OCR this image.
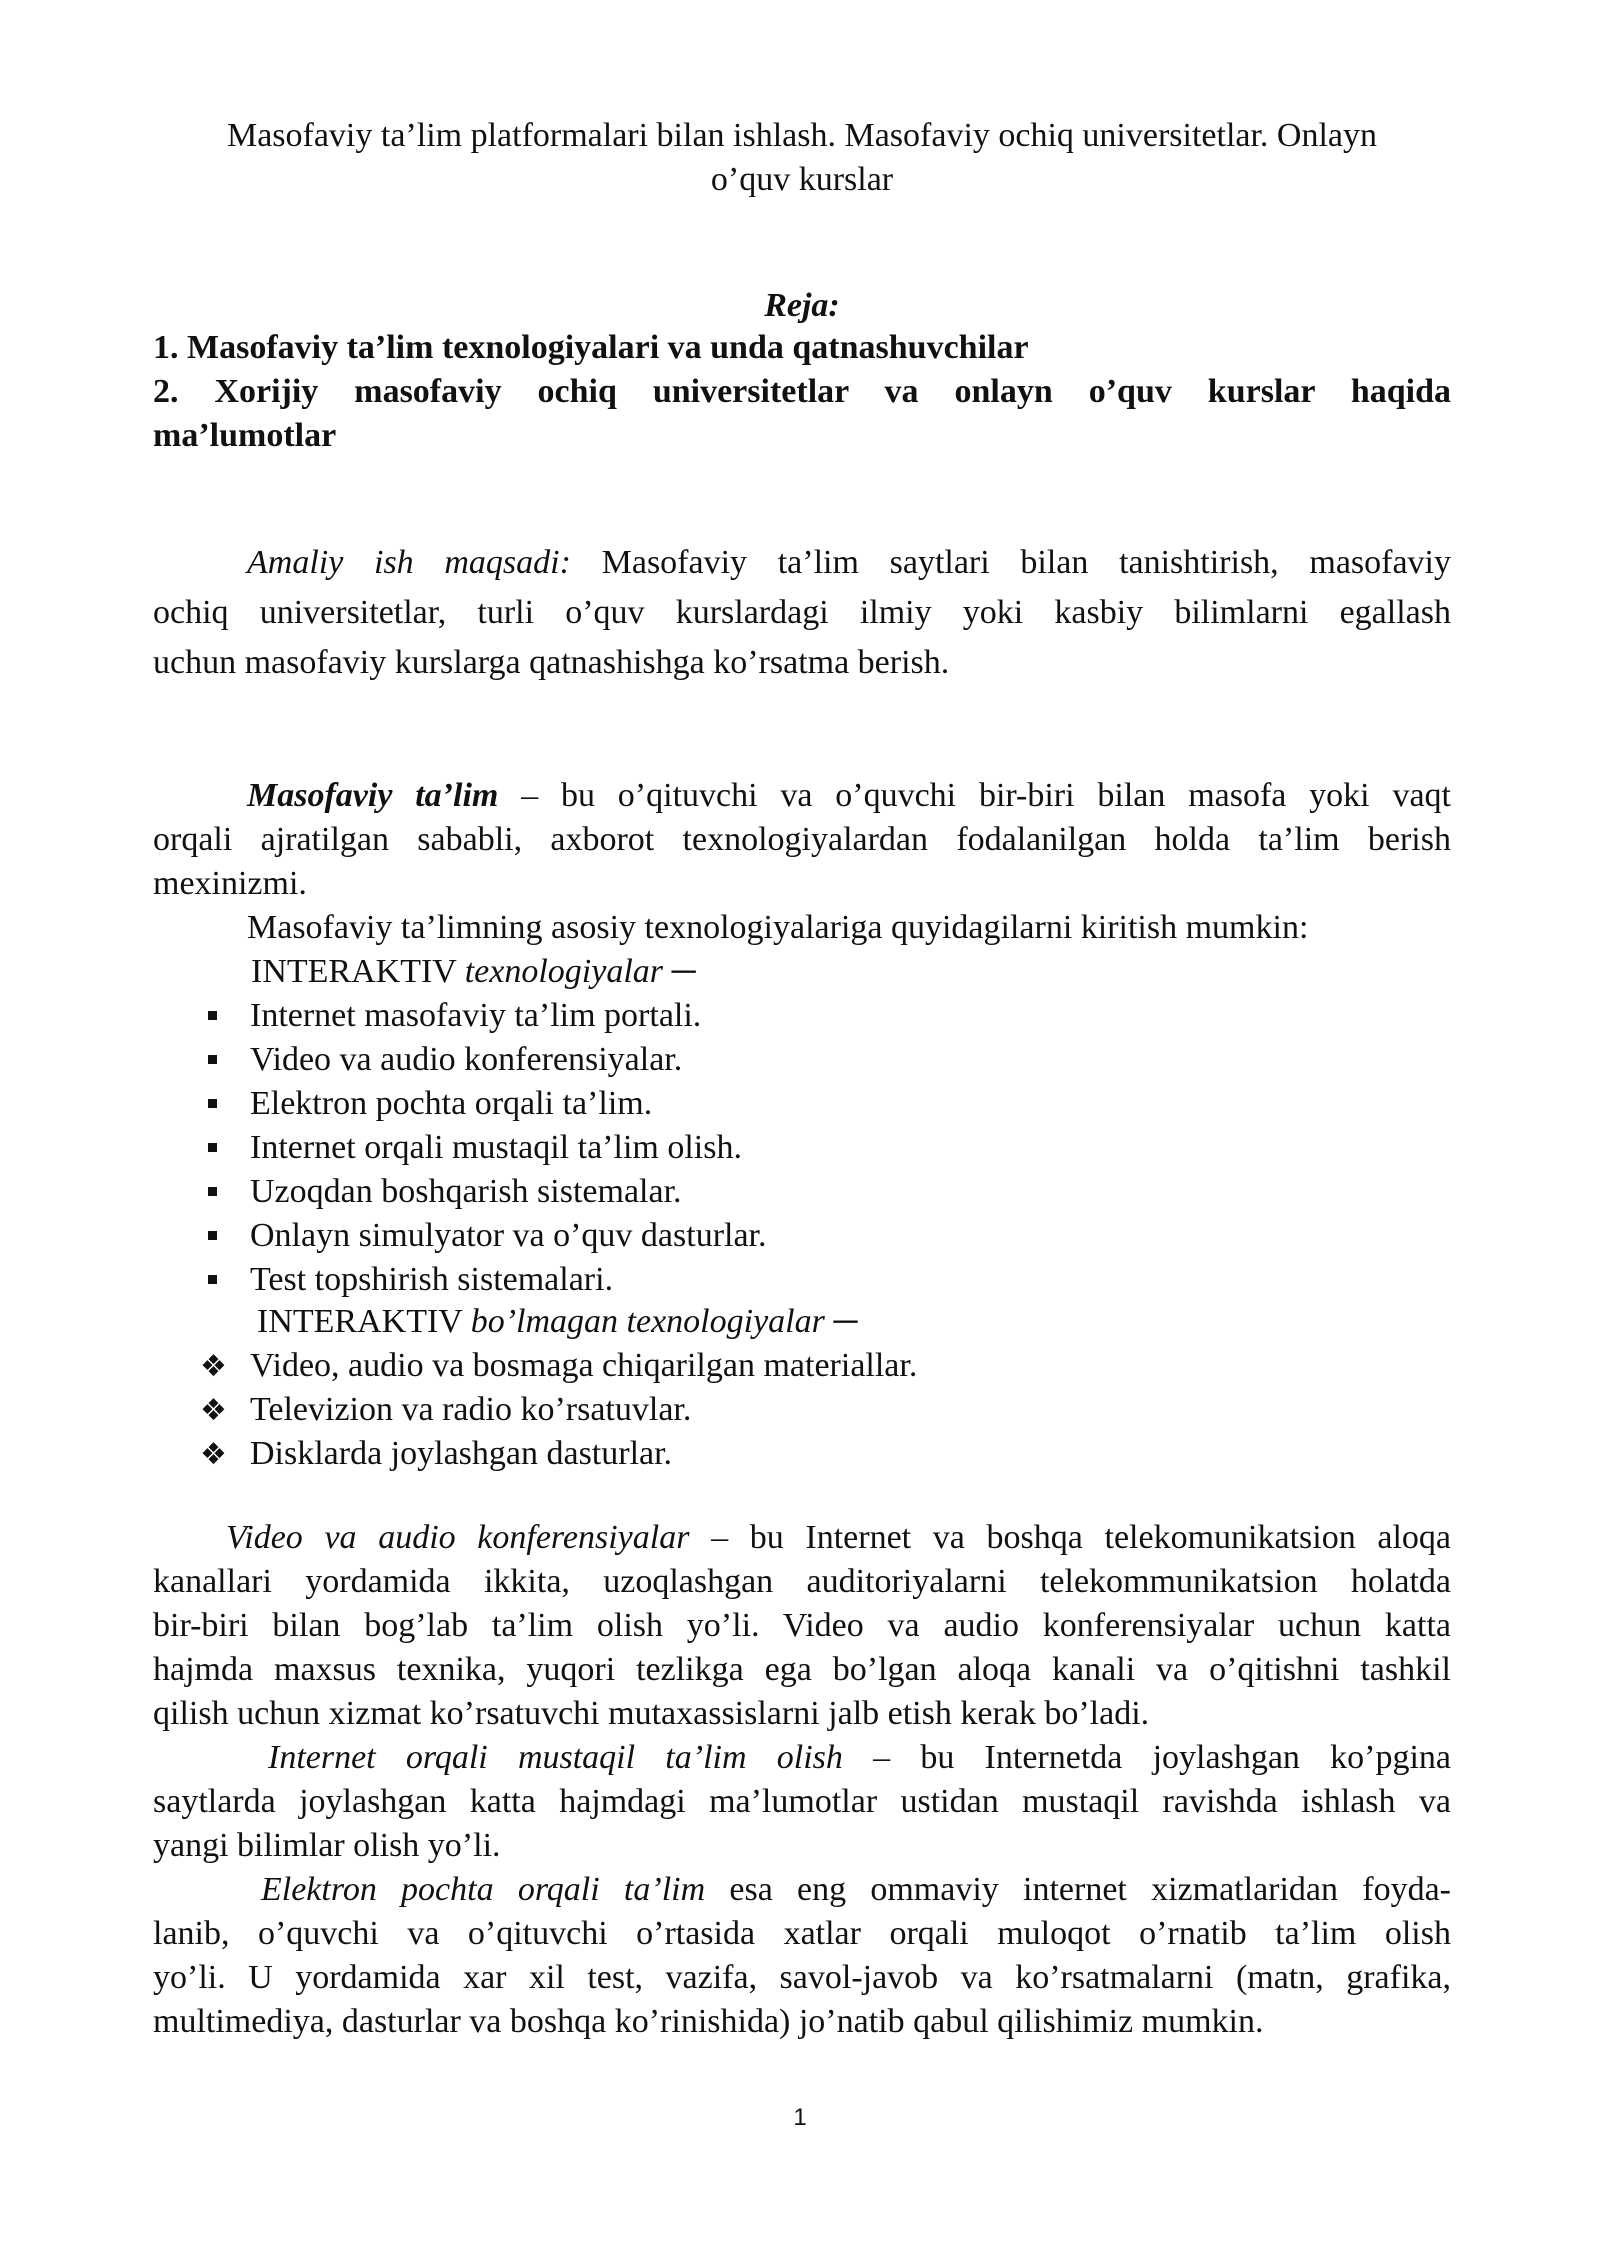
Masofaviy ta’lim platformalari bilan ishlash. Masofaviy ochiq universitetlar. Onlayn
o’quv kurslar
Reja:
1. Masofaviy ta’lim texnologiyalari va unda qatnashuvchilar
2. Xorijiy masofaviy ochiq universitetlar va onlayn o’quv kurslar haqida
ma’lumotlar
Amaliy ish maqsadi: Masofaviy ta’lim saytlari bilan tanishtirish, masofaviy
ochiq universitetlar, turli o’quv kurslardagi ilmiy yoki kasbiy bilimlarni egallash
uchun masofaviy kurslarga qatnashishga ko’rsatma berish.
Masofaviy ta’lim – bu o’qituvchi va o’quvchi bir-biri bilan masofa yoki vaqt
orqali ajratilgan sababli, axborot texnologiyalardan fodalanilgan holda ta’lim berish
mexinizmi.
Masofaviy ta’limning asosiy texnologiyalariga quyidagilarni kiritish mumkin:
INTERAKTIV texnologiyalar ─
Internet masofaviy ta’lim portali.
Video va audio konferensiyalar.
Elektron pochta orqali ta’lim.
Internet orqali mustaqil ta’lim olish.
Uzoqdan boshqarish sistemalar.
Onlayn simulyator va o’quv dasturlar.
Test topshirish sistemalari.
INTERAKTIV bo’lmagan texnologiyalar ─
❖ Video, audio va bosmaga chiqarilgan materiallar.
❖ Televizion va radio ko’rsatuvlar.
❖ Disklarda joylashgan dasturlar.
Video va audio konferensiyalar – bu Internet va boshqa telekomunikatsion aloqa
kanallari yordamida ikkita, uzoqlashgan auditoriyalarni telekommunikatsion holatda
bir-biri bilan bog’lab ta’lim olish yo’li. Video va audio konferensiyalar uchun katta
hajmda maxsus texnika, yuqori tezlikga ega bo’lgan aloqa kanali va o’qitishni tashkil
qilish uchun xizmat ko’rsatuvchi mutaxassislarni jalb etish kerak bo’ladi.
Internet orqali mustaqil ta’lim olish – bu Internetda joylashgan ko’pgina
saytlarda joylashgan katta hajmdagi ma’lumotlar ustidan mustaqil ravishda ishlash va
yangi bilimlar olish yo’li.
Elektron pochta orqali ta’lim esa eng ommaviy internet xizmatlaridan foyda-
lanib, o’quvchi va o’qituvchi o’rtasida xatlar orqali muloqot o’rnatib ta’lim olish
yo’li. U yordamida xar xil test, vazifa, savol-javob va ko’rsatmalarni (matn, grafika,
multimediya, dasturlar va boshqa ko’rinishida) jo’natib qabul qilishimiz mumkin.
1
